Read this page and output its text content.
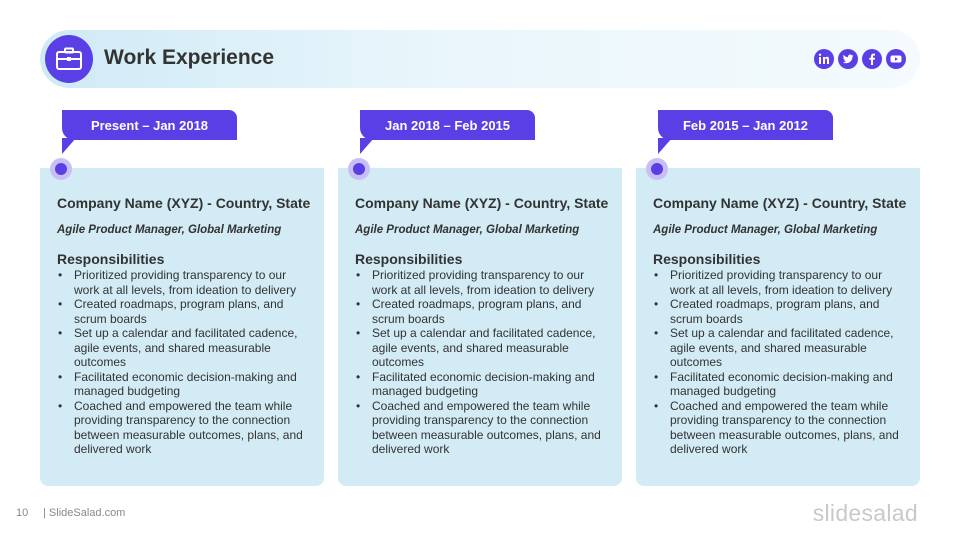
Work Experience
Present – Jan 2018
Company Name (XYZ) - Country, State
Agile Product Manager, Global Marketing
Responsibilities
• Prioritized providing transparency to our
work at all levels, from ideation to delivery
• Created roadmaps, program plans, and
scrum boards
• Set up a calendar and facilitated cadence,
agile events, and shared measurable
outcomes
• Facilitated economic decision-making and
managed budgeting
• Coached and empowered the team while
providing transparency to the connection
between measurable outcomes, plans, and
delivered work
Jan 2018 – Feb 2015
Company Name (XYZ) - Country, State
Agile Product Manager, Global Marketing
Responsibilities
• Prioritized providing transparency to our
work at all levels, from ideation to delivery
• Created roadmaps, program plans, and
scrum boards
• Set up a calendar and facilitated cadence,
agile events, and shared measurable
outcomes
• Facilitated economic decision-making and
managed budgeting
• Coached and empowered the team while
providing transparency to the connection
between measurable outcomes, plans, and
delivered work
Feb 2015 – Jan 2012
Company Name (XYZ) - Country, State
Agile Product Manager, Global Marketing
Responsibilities
• Prioritized providing transparency to our
work at all levels, from ideation to delivery
• Created roadmaps, program plans, and
scrum boards
• Set up a calendar and facilitated cadence,
agile events, and shared measurable
outcomes
• Facilitated economic decision-making and
managed budgeting
• Coached and empowered the team while
providing transparency to the connection
between measurable outcomes, plans, and
delivered work
10 | SlideSalad.com	slidesalad
